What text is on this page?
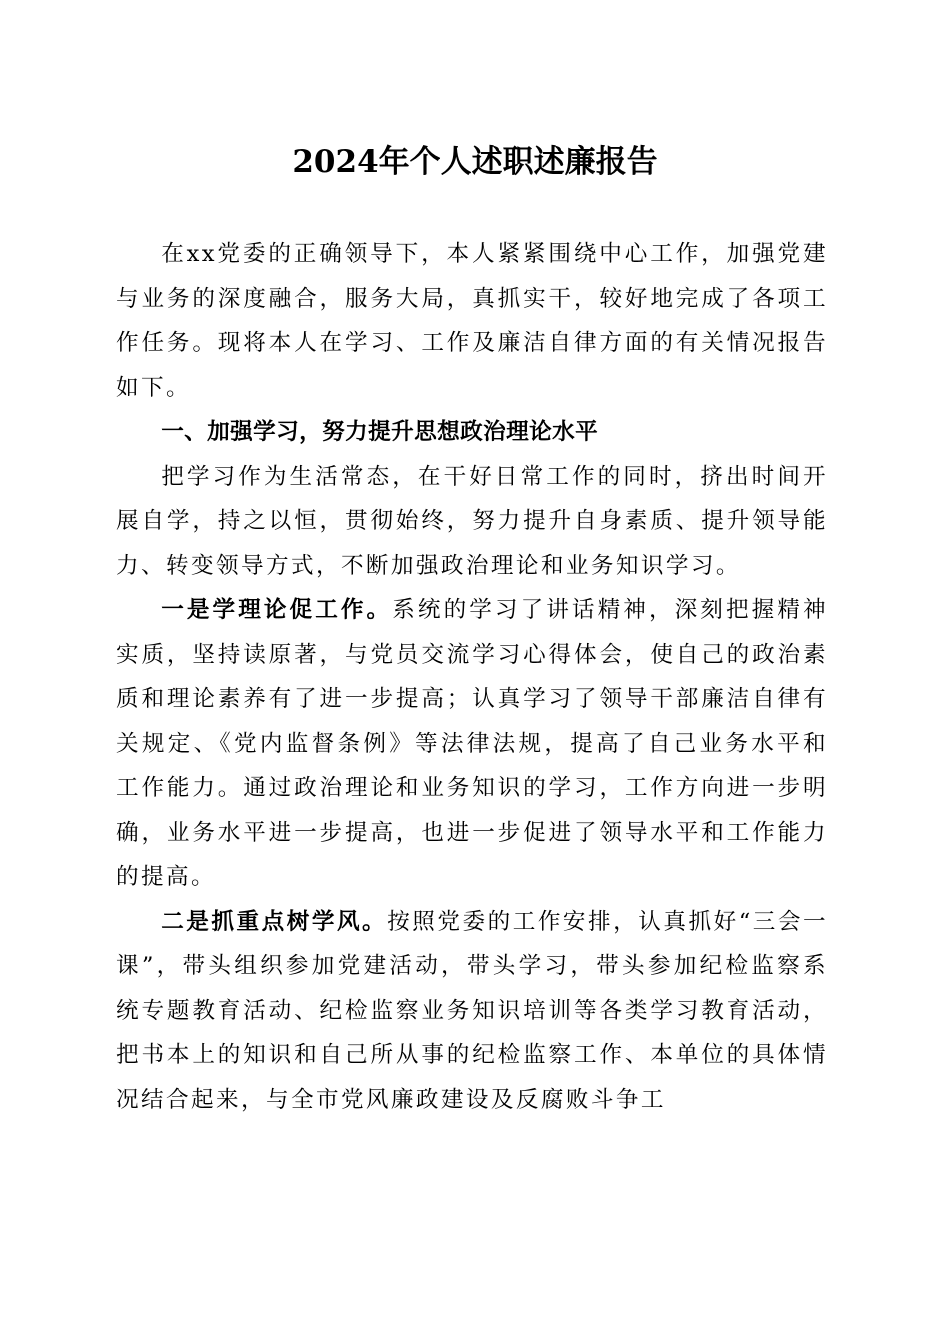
2024年个人述职述廉报告

在xx党委的正确领导下，本人紧紧围绕中心工作，加强党建与业务的深度融合，服务大局，真抓实干，较好地完成了各项工作任务。现将本人在学习、工作及廉洁自律方面的有关情况报告如下。

一、加强学习，努力提升思想政治理论水平

把学习作为生活常态，在干好日常工作的同时，挤出时间开展自学，持之以恒，贯彻始终，努力提升自身素质、提升领导能力、转变领导方式，不断加强政治理论和业务知识学习。

一是学理论促工作。系统的学习了讲话精神，深刻把握精神实质，坚持读原著，与党员交流学习心得体会，使自己的政治素质和理论素养有了进一步提高；认真学习了领导干部廉洁自律有关规定、《党内监督条例》等法律法规，提高了自己业务水平和工作能力。通过政治理论和业务知识的学习，工作方向进一步明确，业务水平进一步提高，也进一步促进了领导水平和工作能力的提高。

二是抓重点树学风。按照党委的工作安排，认真抓好“三会一课”，带头组织参加党建活动，带头学习，带头参加纪检监察系统专题教育活动、纪检监察业务知识培训等各类学习教育活动，把书本上的知识和自己所从事的纪检监察工作、本单位的具体情况结合起来，与全市党风廉政建设及反腐败斗争工
